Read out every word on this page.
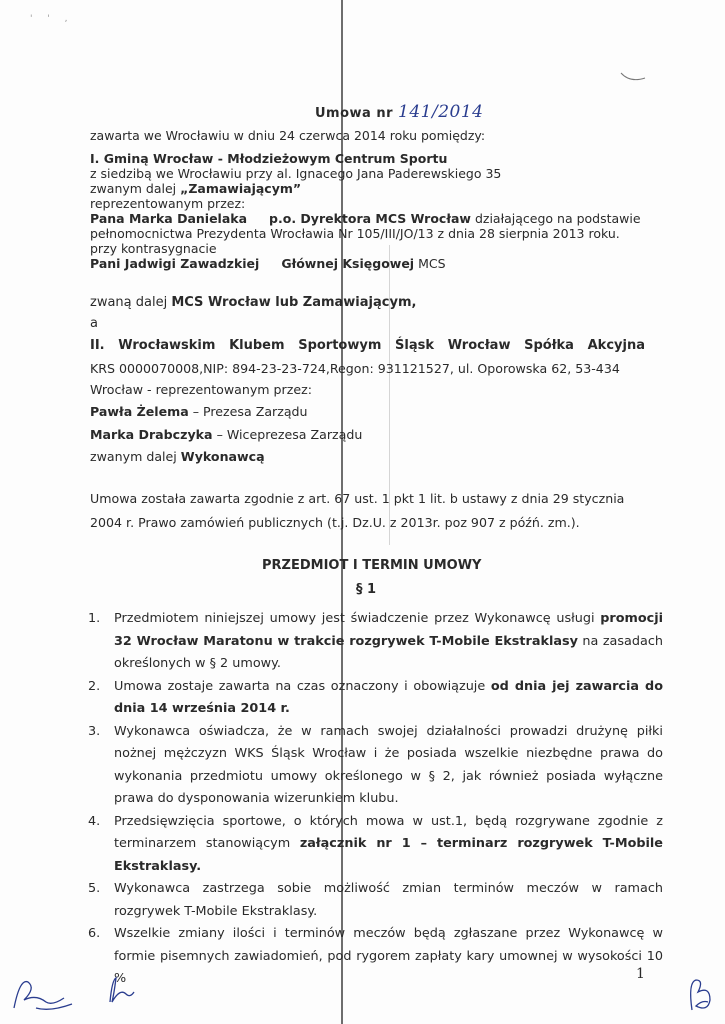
' ' ,
Umowa nr 141/2014
zawarta we Wrocławiu w dniu 24 czerwca 2014 roku pomiędzy:
I. Gminą Wrocław - Młodzieżowym Centrum Sportu
z siedzibą we Wrocławiu przy al. Ignacego Jana Paderewskiego 35
zwanym dalej „Zamawiającym”
reprezentowanym przez:
Pana Marka Danielaka p.o. Dyrektora MCS Wrocław działającego na podstawie
pełnomocnictwa Prezydenta Wrocławia Nr 105/III/JO/13 z dnia 28 sierpnia 2013 roku.
przy kontrasygnacie
Pani Jadwigi Zawadzkiej Głównej Księgowej MCS
zwaną dalej MCS Wrocław lub Zamawiającym,
a
II. Wrocławskim Klubem Sportowym Śląsk Wrocław Spółka Akcyjna
KRS 0000070008,NIP: 894-23-23-724,Regon: 931121527, ul. Oporowska 62, 53-434
Wrocław - reprezentowanym przez:
Pawła Żelema – Prezesa Zarządu
Marka Drabczyka – Wiceprezesa Zarządu
zwanym dalej Wykonawcą
Umowa została zawarta zgodnie z art. 67 ust. 1 pkt 1 lit. b ustawy z dnia 29 stycznia
2004 r. Prawo zamówień publicznych (t.j. Dz.U. z 2013r. poz 907 z późń. zm.).
PRZEDMIOT I TERMIN UMOWY
§ 1
1. Przedmiotem niniejszej umowy jest świadczenie przez Wykonawcę usługi promocji 32 Wrocław Maratonu w trakcie rozgrywek T-Mobile Ekstraklasy na zasadach określonych w § 2 umowy.
2. Umowa zostaje zawarta na czas oznaczony i obowiązuje od dnia jej zawarcia do dnia 14 września 2014 r.
3. Wykonawca oświadcza, że w ramach swojej działalności prowadzi drużynę piłki nożnej mężczyzn WKS Śląsk Wrocław i że posiada wszelkie niezbędne prawa do wykonania przedmiotu umowy określonego w § 2, jak również posiada wyłączne prawa do dysponowania wizerunkiem klubu.
4. Przedsięwzięcia sportowe, o których mowa w ust.1, będą rozgrywane zgodnie z terminarzem stanowiącym załącznik nr 1 – terminarz rozgrywek T-Mobile Ekstraklasy.
5. Wykonawca zastrzega sobie możliwość zmian terminów meczów w ramach rozgrywek T-Mobile Ekstraklasy.
6. Wszelkie zmiany ilości i terminów meczów będą zgłaszane przez Wykonawcę w formie pisemnych zawiadomień, pod rygorem zapłaty kary umownej w wysokości 10 %	1
